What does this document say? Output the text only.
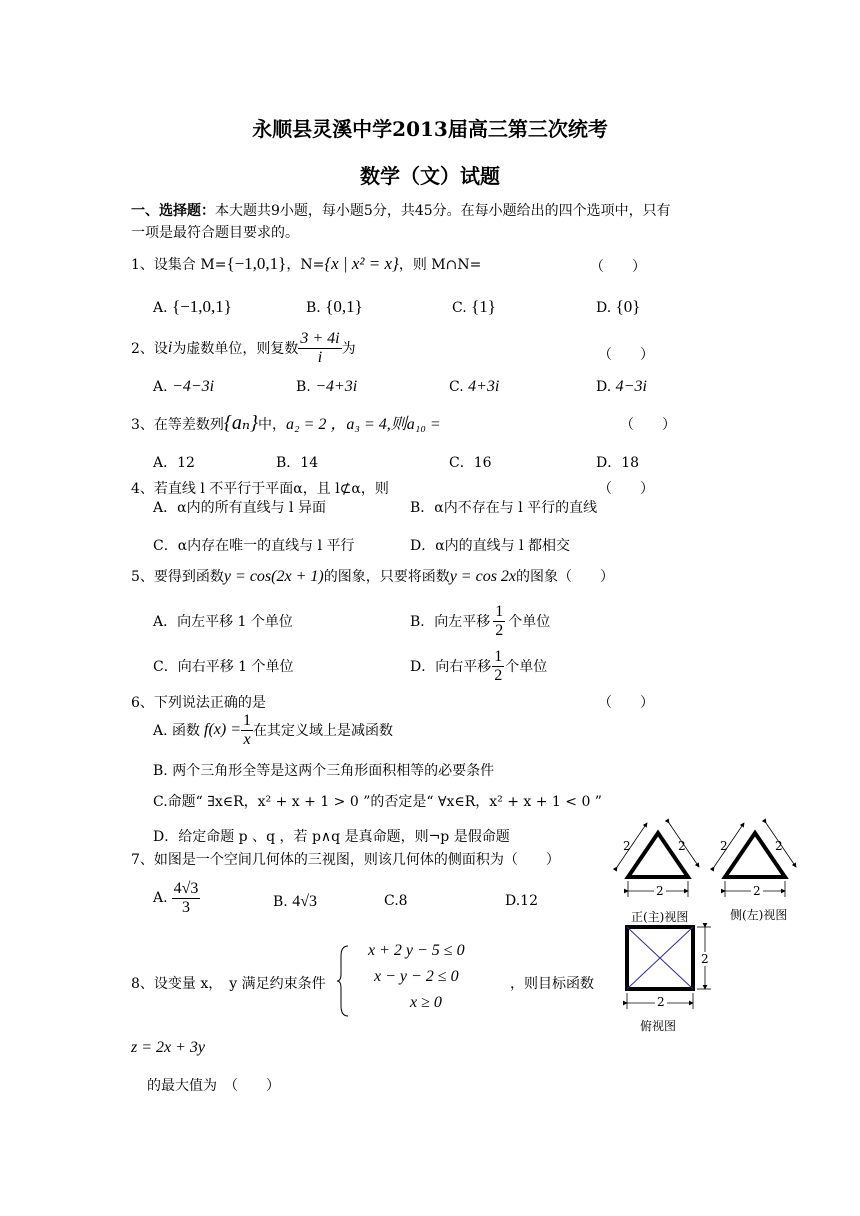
永顺县灵溪中学2013届高三第三次统考
数学（文）试题
一、选择题：本大题共9小题，每小题5分，共45分。在每小题给出的四个选项中，只有
一项是最符合题目要求的。
1、设集合 M={−1,0,1}，N={x | x² = x}，则 M∩N=	（　　）
A. {−1,0,1}	B. {0,1}	C. {1}	D. {0}
2、设i为虚数单位，则复数 $\frac{3 + 4i}{i}$ 为	（　　）
A. −4−3i	B. −4+3i	C. 4+3i	D. 4−3i
3、在等差数列{aₙ}中，a₂ = 2 ，a₃ = 4,则a₁₀ =	（　　）
A．12	B．14	C．16	D．18
4、若直线 l 不平行于平面α，且 l⊄α，则	（　　）
A．α内的所有直线与 l 异面	B．α内不存在与 l 平行的直线
C．α内存在唯一的直线与 l 平行	D．α内的直线与 l 都相交
5、要得到函数y = cos(2x + 1)的图象，只要将函数y = cos 2x的图象（　　）
A．向左平移 1 个单位	B．向左平移 $\frac{1}{2}$ 个单位
C．向右平移 1 个单位	D．向右平移 $\frac{1}{2}$ 个单位
6、下列说法正确的是	（　　）
A. 函数 $f(x) = \frac{1}{x}$ 在其定义域上是减函数
B. 两个三角形全等是这两个三角形面积相等的必要条件
C.命题“ ∃x∈R，x² + x + 1 > 0 ”的否定是“ ∀x∈R，x² + x + 1 < 0 ”
D．给定命题 p 、q ，若 p∧q 是真命题，则¬p 是假命题
7、如图是一个空间几何体的三视图，则该几何体的侧面积为（　　）
A. $\frac{4√3}{3}$	B. 4√3	C.8	D.12
8、设变量 x，　y 满足约束条件
x + 2 y − 5 ≤ 0
x − y − 2 ≤ 0
x ≥ 0
，则目标函数
z = 2x + 3y
的最大值为　（　　）
2	2
2
2	2
2
2
2
正(主)视图	侧(左)视图
俯视图
